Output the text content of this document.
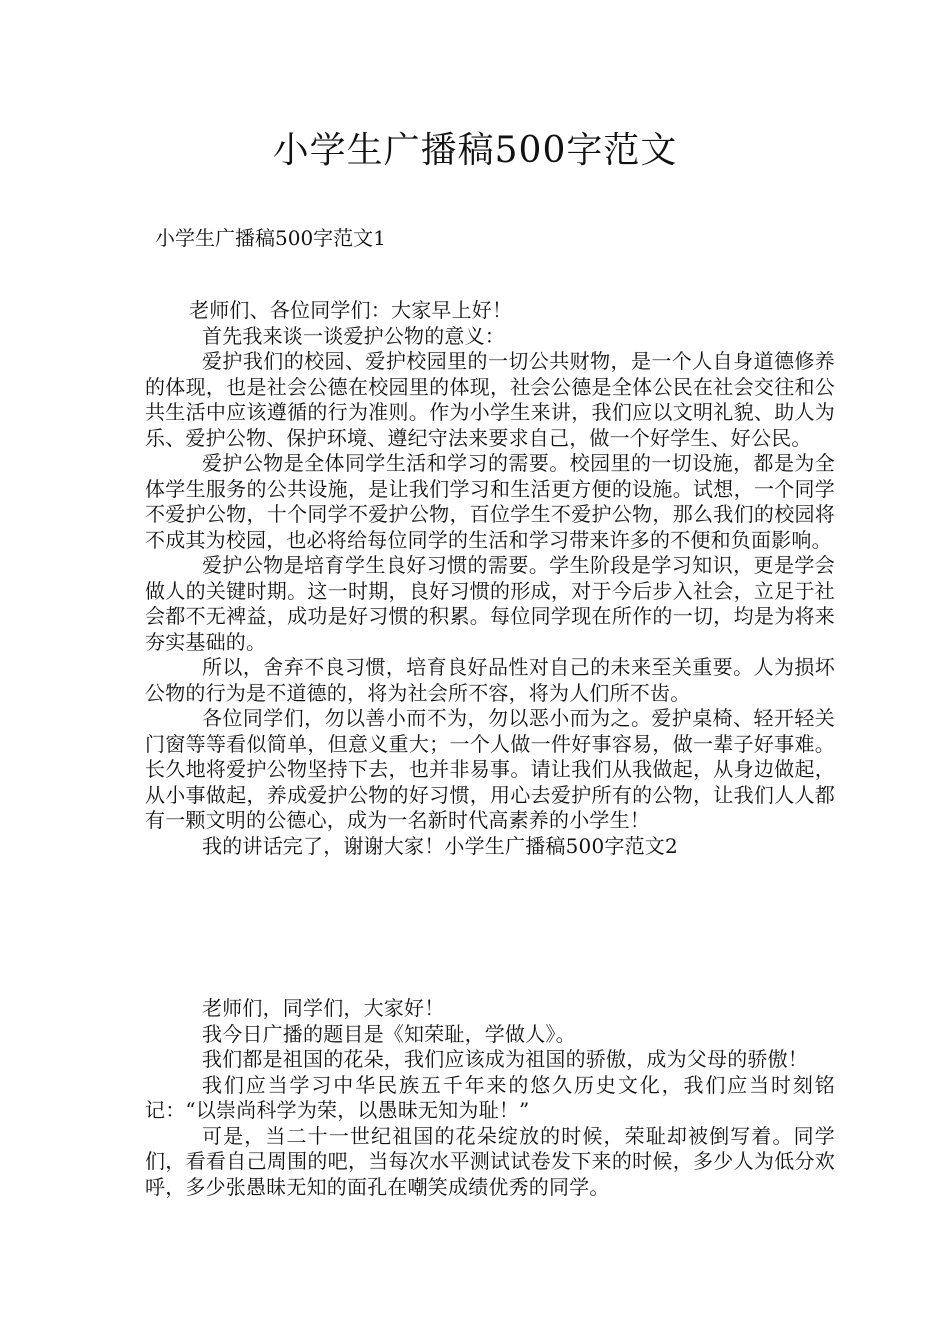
小学生广播稿500字范文
小学生广播稿500字范文1

老师们、各位同学们：大家早上好！

首先我来谈一谈爱护公物的意义：

爱护我们的校园、爱护校园里的一切公共财物，是一个人自身道德修养的体现，也是社会公德在校园里的体现，社会公德是全体公民在社会交往和公共生活中应该遵循的行为准则。作为小学生来讲，我们应以文明礼貌、助人为乐、爱护公物、保护环境、遵纪守法来要求自己，做一个好学生、好公民。

爱护公物是全体同学生活和学习的需要。校园里的一切设施，都是为全体学生服务的公共设施，是让我们学习和生活更方便的设施。试想，一个同学不爱护公物，十个同学不爱护公物，百位学生不爱护公物，那么我们的校园将不成其为校园，也必将给每位同学的生活和学习带来许多的不便和负面影响。

爱护公物是培育学生良好习惯的需要。学生阶段是学习知识，更是学会做人的关键时期。这一时期，良好习惯的形成，对于今后步入社会，立足于社会都不无裨益，成功是好习惯的积累。每位同学现在所作的一切，均是为将来夯实基础的。

所以，舍弃不良习惯，培育良好品性对自己的未来至关重要。人为损坏公物的行为是不道德的，将为社会所不容，将为人们所不齿。

各位同学们，勿以善小而不为，勿以恶小而为之。爱护桌椅、轻开轻关门窗等等看似简单，但意义重大；一个人做一件好事容易，做一辈子好事难。长久地将爱护公物坚持下去，也并非易事。请让我们从我做起，从身边做起，从小事做起，养成爱护公物的好习惯，用心去爱护所有的公物，让我们人人都有一颗文明的公德心，成为一名新时代高素养的小学生！

我的讲话完了，谢谢大家！小学生广播稿500字范文2

老师们，同学们，大家好！

我今日广播的题目是《知荣耻，学做人》。

我们都是祖国的花朵，我们应该成为祖国的骄傲，成为父母的骄傲！

我们应当学习中华民族五千年来的悠久历史文化，我们应当时刻铭记：“以崇尚科学为荣，以愚昧无知为耻！”

可是，当二十一世纪祖国的花朵绽放的时候，荣耻却被倒写着。同学们，看看自己周围的吧，当每次水平测试试卷发下来的时候，多少人为低分欢呼，多少张愚昧无知的面孔在嘲笑成绩优秀的同学。
